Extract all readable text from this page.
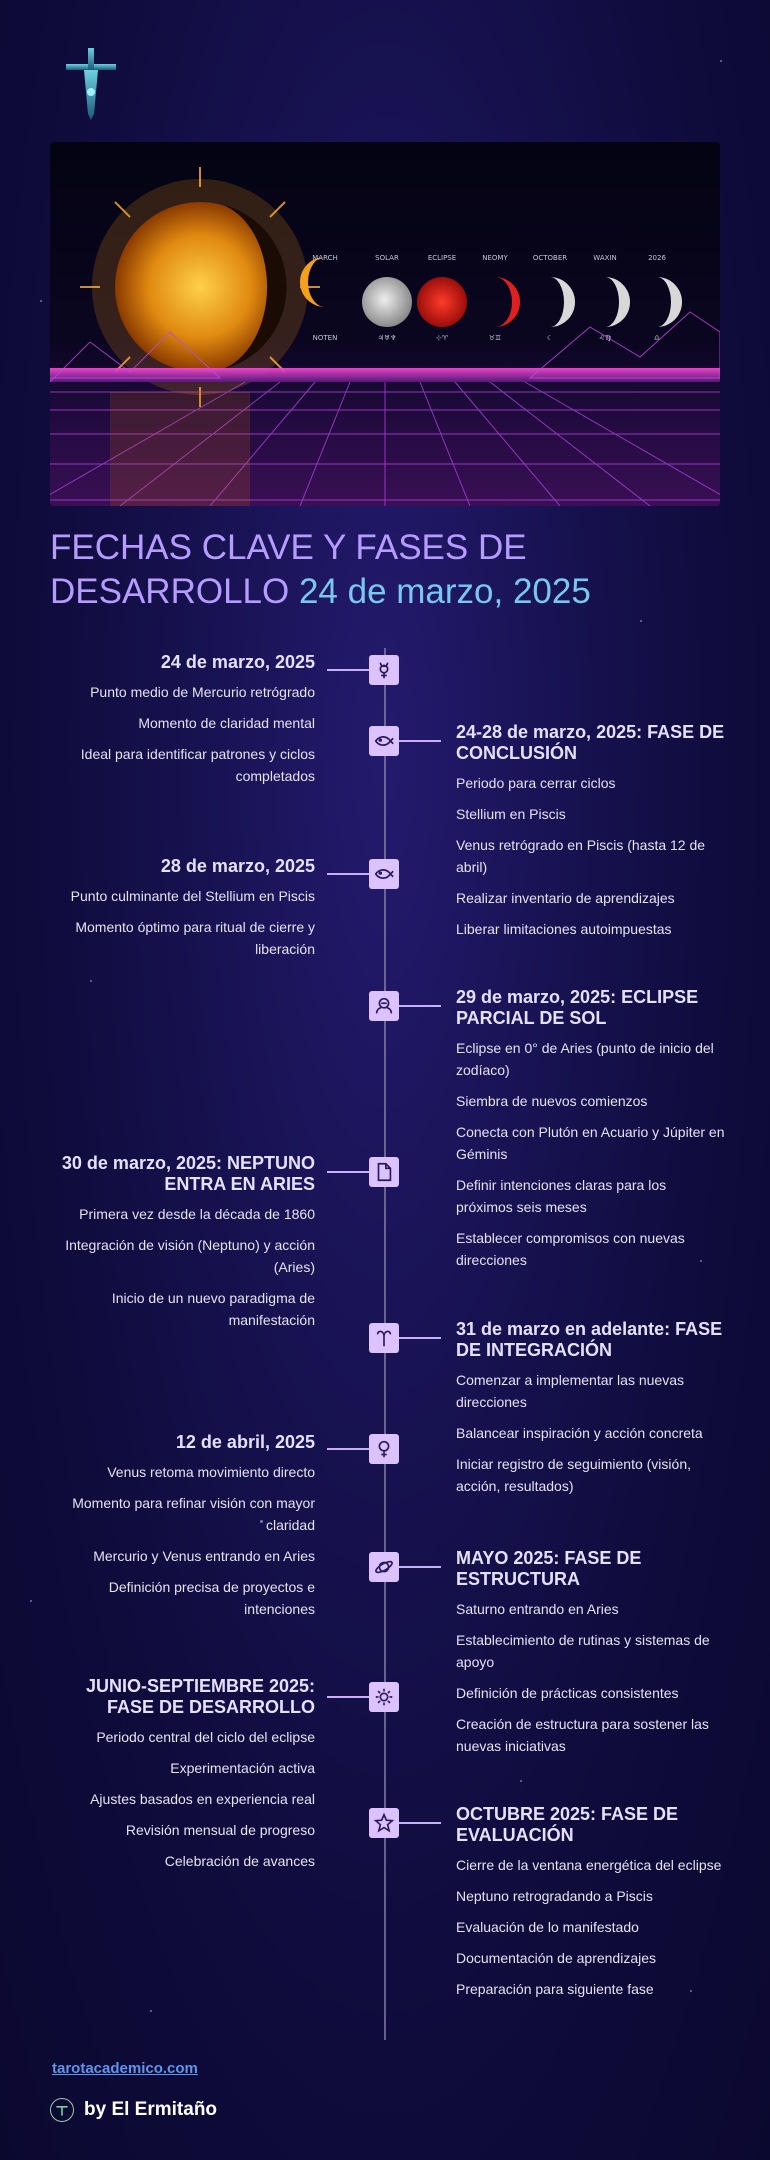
MARCH	SOLAR	ECLIPSE	NEOMY	OCTOBER	WAXIN	2026
NOTEN	♃♅♆	⊹♈	♉♊	☾	♌♍	♎
FECHAS CLAVE Y FASES DE
DESARROLLO 24 de marzo, 2025
24 de marzo, 2025
Punto medio de Mercurio retrógrado
Momento de claridad mental
Ideal para identificar patrones y ciclos completados
28 de marzo, 2025
Punto culminante del Stellium en Piscis
Momento óptimo para ritual de cierre y liberación
30 de marzo, 2025: NEPTUNO ENTRA EN ARIES
Primera vez desde la década de 1860
Integración de visión (Neptuno) y acción (Aries)
Inicio de un nuevo paradigma de manifestación
12 de abril, 2025
Venus retoma movimiento directo
Momento para refinar visión con mayor claridad
Mercurio y Venus entrando en Aries
Definición precisa de proyectos e intenciones
JUNIO-SEPTIEMBRE 2025: FASE DE DESARROLLO
Periodo central del ciclo del eclipse
Experimentación activa
Ajustes basados en experiencia real
Revisión mensual de progreso
Celebración de avances
24-28 de marzo, 2025: FASE DE CONCLUSIÓN
Periodo para cerrar ciclos
Stellium en Piscis
Venus retrógrado en Piscis (hasta 12 de abril)
Realizar inventario de aprendizajes
Liberar limitaciones autoimpuestas
29 de marzo, 2025: ECLIPSE PARCIAL DE SOL
Eclipse en 0° de Aries (punto de inicio del zodíaco)
Siembra de nuevos comienzos
Conecta con Plutón en Acuario y Júpiter en Géminis
Definir intenciones claras para los próximos seis meses
Establecer compromisos con nuevas direcciones
31 de marzo en adelante: FASE DE INTEGRACIÓN
Comenzar a implementar las nuevas direcciones
Balancear inspiración y acción concreta
Iniciar registro de seguimiento (visión, acción, resultados)
MAYO 2025: FASE DE ESTRUCTURA
Saturno entrando en Aries
Establecimiento de rutinas y sistemas de apoyo
Definición de prácticas consistentes
Creación de estructura para sostener las nuevas iniciativas
OCTUBRE 2025: FASE DE EVALUACIÓN
Cierre de la ventana energética del eclipse
Neptuno retrogradando a Piscis
Evaluación de lo manifestado
Documentación de aprendizajes
Preparación para siguiente fase
tarotacademico.com
by El Ermitaño
